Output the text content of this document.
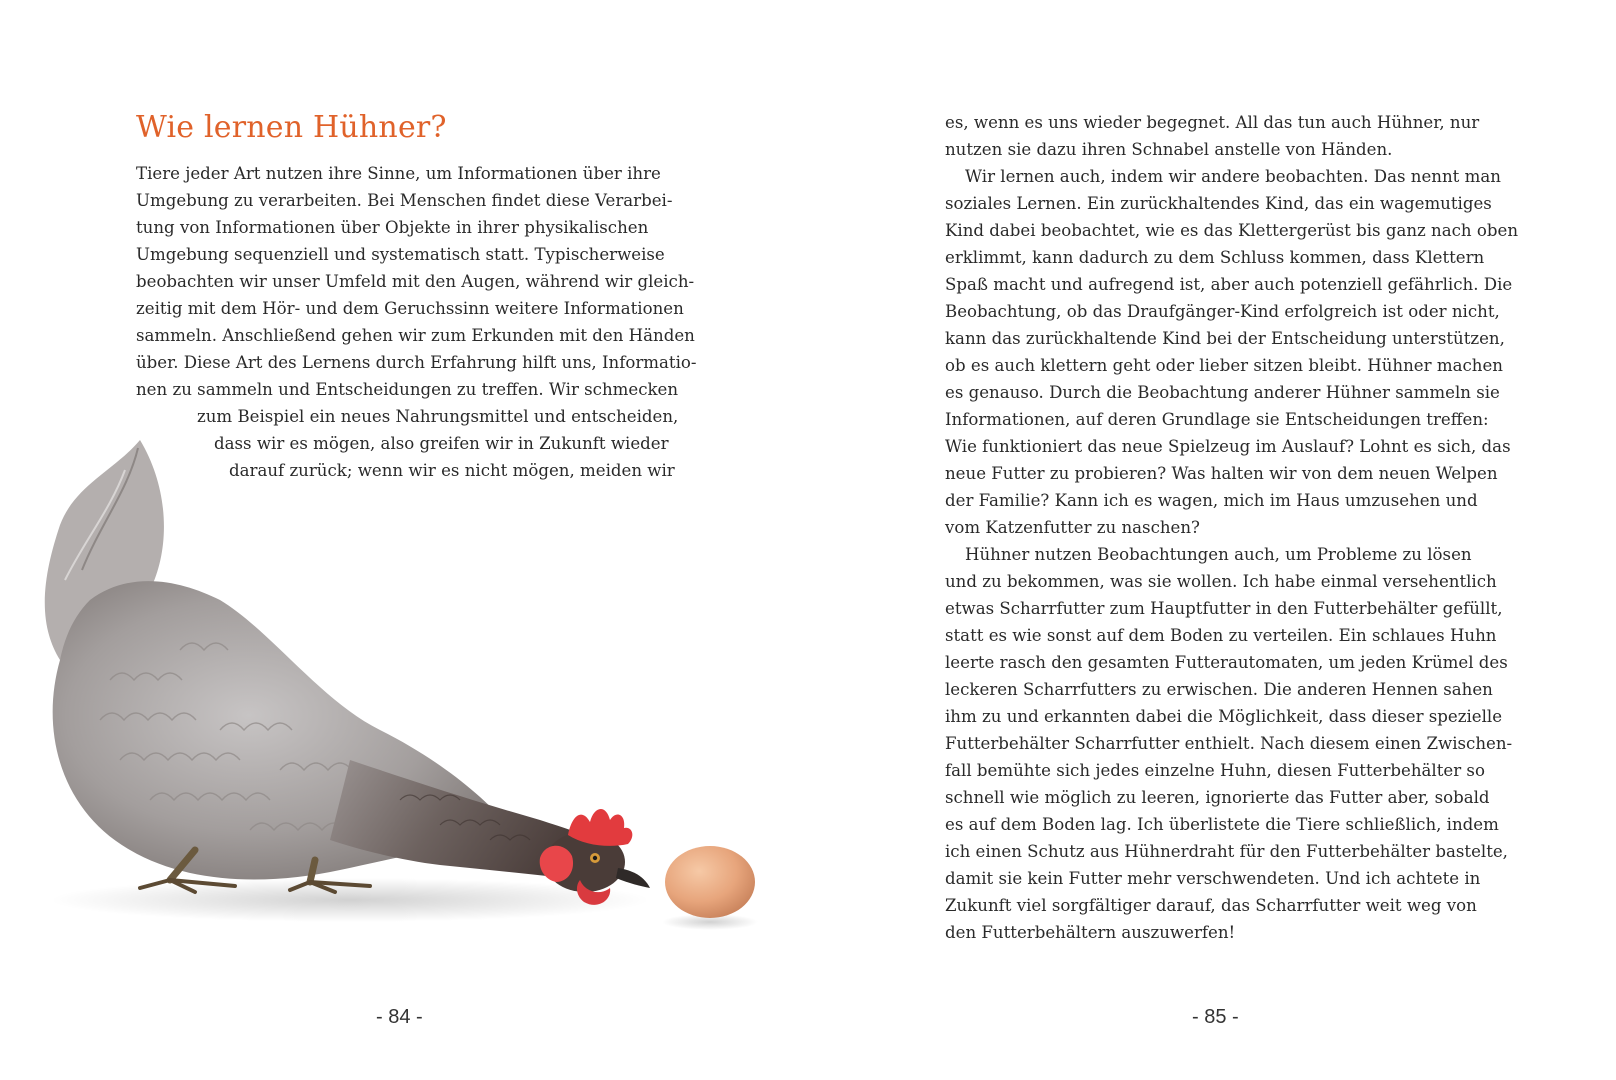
Wie lernen Hühner?

Tiere jeder Art nutzen ihre Sinne, um Informationen über ihre

Umgebung zu verarbeiten. Bei Menschen findet diese Verarbei-

tung von Informationen über Objekte in ihrer physikalischen

Umgebung sequenziell und systematisch statt. Typischerweise

beobachten wir unser Umfeld mit den Augen, während wir gleich-

zeitig mit dem Hör- und dem Geruchssinn weitere Informationen

sammeln. Anschließend gehen wir zum Erkunden mit den Händen

über. Diese Art des Lernens durch Erfahrung hilft uns, Informatio-

nen zu sammeln und Entscheidungen zu treffen. Wir schmecken

zum Beispiel ein neues Nahrungsmittel und entscheiden,

dass wir es mögen, also greifen wir in Zukunft wieder

darauf zurück; wenn wir es nicht mögen, meiden wir

- 84 -

es, wenn es uns wieder begegnet. All das tun auch Hühner, nur

nutzen sie dazu ihren Schnabel anstelle von Händen.

Wir lernen auch, indem wir andere beobachten. Das nennt man

soziales Lernen. Ein zurückhaltendes Kind, das ein wagemutiges

Kind dabei beobachtet, wie es das Klettergerüst bis ganz nach oben

erklimmt, kann dadurch zu dem Schluss kommen, dass Klettern

Spaß macht und aufregend ist, aber auch potenziell gefährlich. Die

Beobachtung, ob das Draufgänger-Kind erfolgreich ist oder nicht,

kann das zurückhaltende Kind bei der Entscheidung unterstützen,

ob es auch klettern geht oder lieber sitzen bleibt. Hühner machen

es genauso. Durch die Beobachtung anderer Hühner sammeln sie

Informationen, auf deren Grundlage sie Entscheidungen treffen:

Wie funktioniert das neue Spielzeug im Auslauf? Lohnt es sich, das

neue Futter zu probieren? Was halten wir von dem neuen Welpen

der Familie? Kann ich es wagen, mich im Haus umzusehen und

vom Katzenfutter zu naschen?

Hühner nutzen Beobachtungen auch, um Probleme zu lösen

und zu bekommen, was sie wollen. Ich habe einmal versehentlich

etwas Scharrfutter zum Hauptfutter in den Futterbehälter gefüllt,

statt es wie sonst auf dem Boden zu verteilen. Ein schlaues Huhn

leerte rasch den gesamten Futterautomaten, um jeden Krümel des

leckeren Scharrfutters zu erwischen. Die anderen Hennen sahen

ihm zu und erkannten dabei die Möglichkeit, dass dieser spezielle

Futterbehälter Scharrfutter enthielt. Nach diesem einen Zwischen-

fall bemühte sich jedes einzelne Huhn, diesen Futterbehälter so

schnell wie möglich zu leeren, ignorierte das Futter aber, sobald

es auf dem Boden lag. Ich überlistete die Tiere schließlich, indem

ich einen Schutz aus Hühnerdraht für den Futterbehälter bastelte,

damit sie kein Futter mehr verschwendeten. Und ich achtete in

Zukunft viel sorgfältiger darauf, das Scharrfutter weit weg von

den Futterbehältern auszuwerfen!

- 85 -
